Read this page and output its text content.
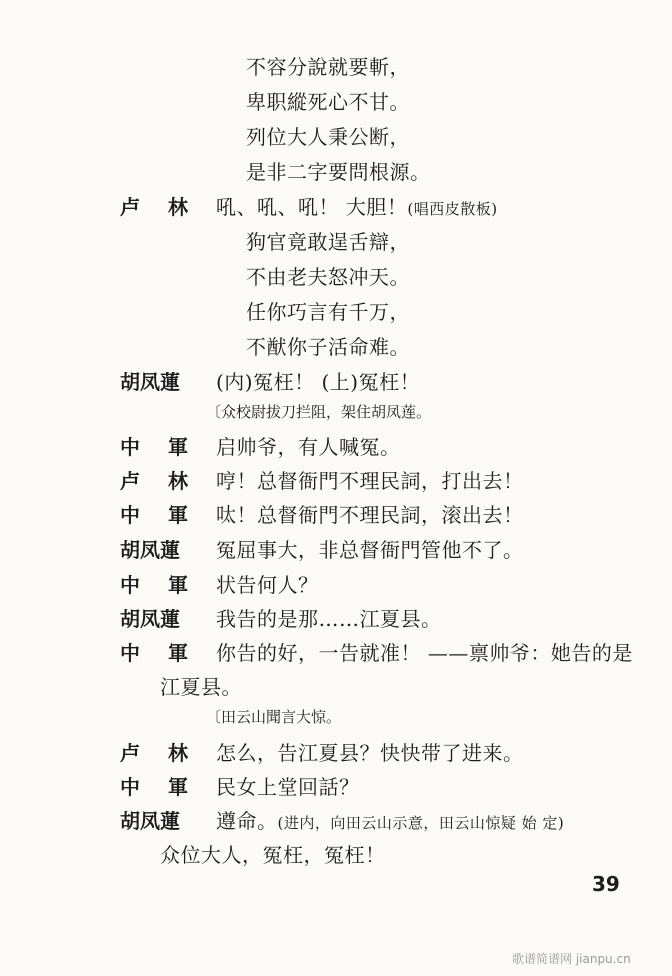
不容分說就要斬，
卑职縱死心不甘。
列位大人秉公断，
是非二字要問根源。
卢　林 吼、吼、吼！ 大胆！(唱西皮散板)
狗官竟敢逞舌辯，
不由老夫怒冲天。
任你巧言有千万，
不猷你子活命难。
胡凤蓮 (内)冤枉！ (上)冤枉！
〔众校尉拔刀拦阻，架住胡凤莲。
中　軍 启帅爷，有人喊冤。
卢　林 哼！总督衙門不理民詞，打出去！
中　軍 呔！总督衙門不理民詞，滚出去！
胡凤蓮 冤屈事大，非总督衙門管他不了。
中　軍 状告何人？
胡凤蓮 我告的是那……江夏县。
中　軍 你告的好，一告就准！ ——禀帅爷：她告的是
江夏县。
〔田云山聞言大惊。
卢　林 怎么，告江夏县？快快带了进来。
中　軍 民女上堂回話？
胡凤蓮 遵命。(进内，向田云山示意，田云山惊疑 始 定)
众位大人，冤枉，冤枉！
39
歌谱简谱网 jianpu.cn
